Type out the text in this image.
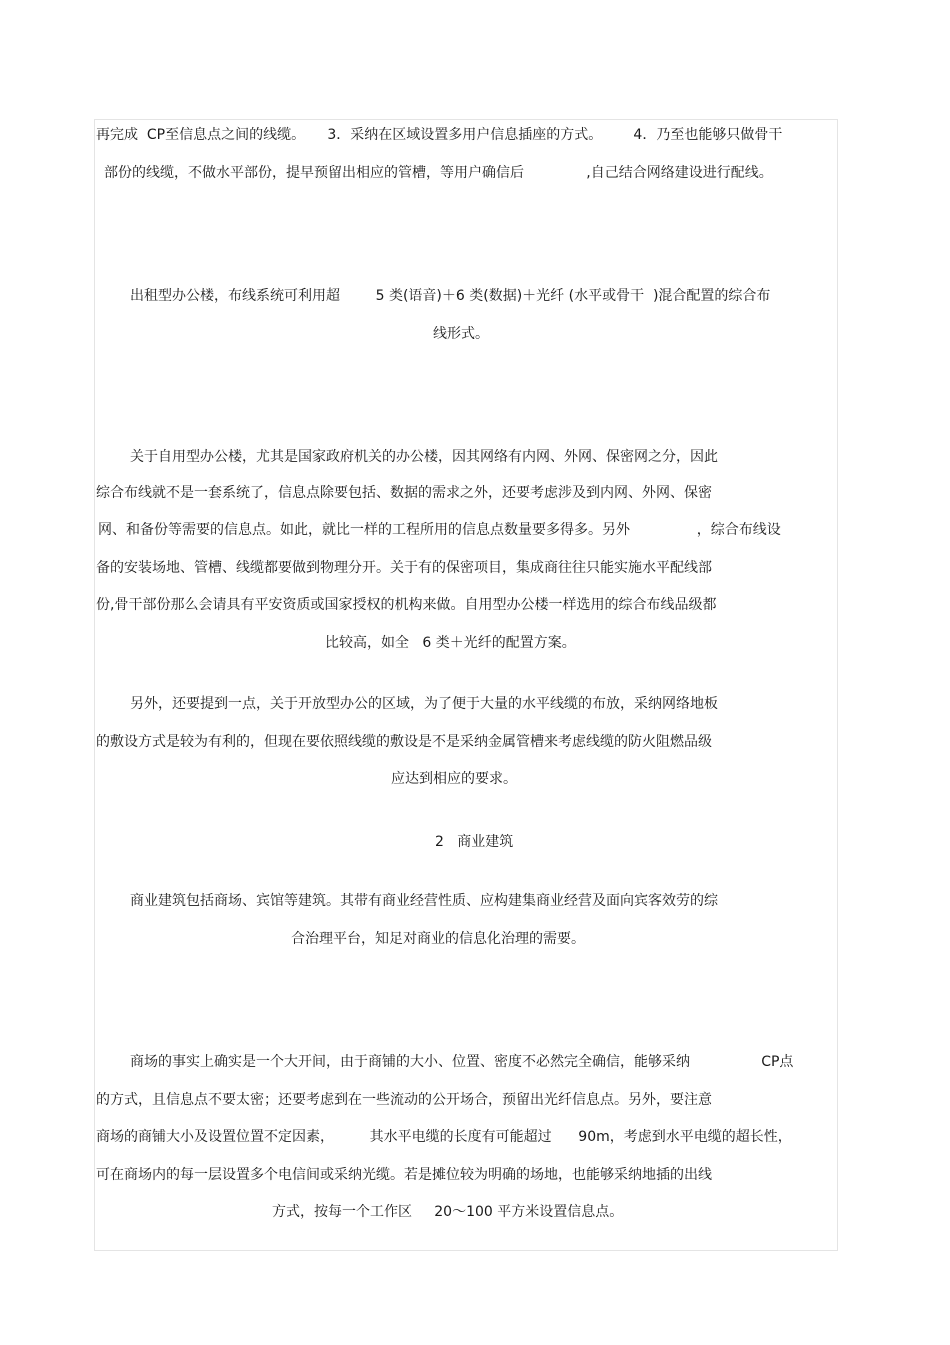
再完成  CP至信息点之间的线缆。     3．采纳在区域设置多用户信息插座的方式。       4．乃至也能够只做骨干
部份的线缆，不做水平部份，提早预留出相应的管槽，等用户确信后              ,自己结合网络建设进行配线。
出租型办公楼，布线系统可利用超        5 类(语音)＋6 类(数据)＋光纤 (水平或骨干  )混合配置的综合布
线形式。
关于自用型办公楼，尤其是国家政府机关的办公楼，因其网络有内网、外网、保密网之分，因此
综合布线就不是一套系统了，信息点除要包括、数据的需求之外，还要考虑涉及到内网、外网、保密
网、和备份等需要的信息点。如此，就比一样的工程所用的信息点数量要多得多。另外               ，综合布线设
备的安装场地、管槽、线缆都要做到物理分开。关于有的保密项目，集成商往往只能实施水平配线部
份,骨干部份那么会请具有平安资质或国家授权的机构来做。自用型办公楼一样选用的综合布线品级都
比较高，如全   6 类＋光纤的配置方案。
另外，还要提到一点，关于开放型办公的区域，为了便于大量的水平线缆的布放，采纳网络地板
的敷设方式是较为有利的，但现在要依照线缆的敷设是不是采纳金属管槽来考虑线缆的防火阻燃品级
应达到相应的要求。
2   商业建筑
商业建筑包括商场、宾馆等建筑。其带有商业经营性质、应构建集商业经营及面向宾客效劳的综
合治理平台，知足对商业的信息化治理的需要。
商场的事实上确实是一个大开间，由于商铺的大小、位置、密度不必然完全确信，能够采纳                CP点
的方式，且信息点不要太密；还要考虑到在一些流动的公开场合，预留出光纤信息点。另外，要注意
商场的商铺大小及设置位置不定因素，        其水平电缆的长度有可能超过      90m，考虑到水平电缆的超长性，
可在商场内的每一层设置多个电信间或采纳光缆。若是摊位较为明确的场地，也能够采纳地插的出线
方式，按每一个工作区     20～100 平方米设置信息点。
